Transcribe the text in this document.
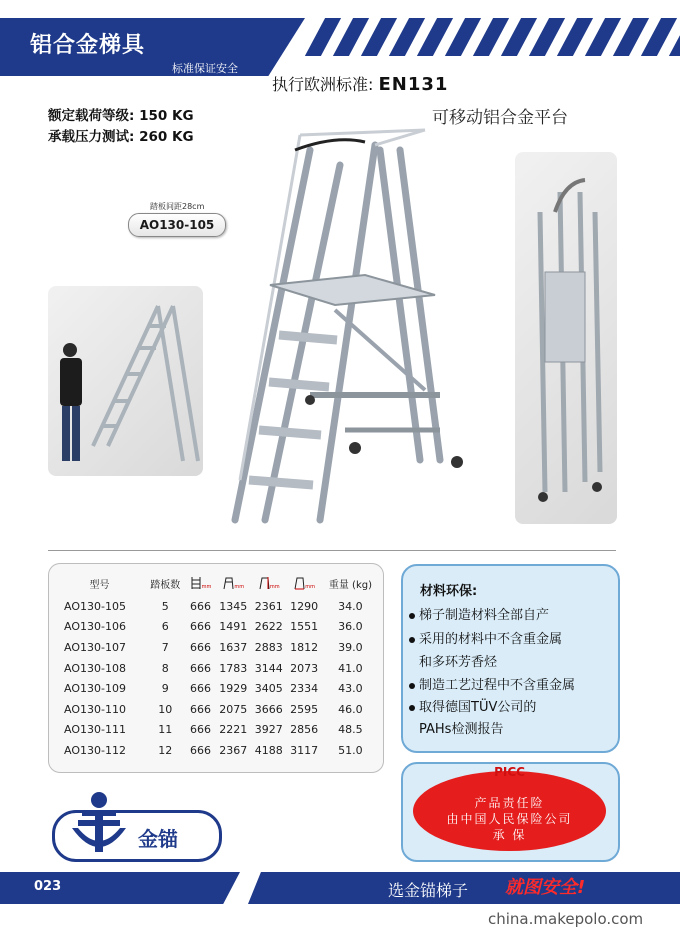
铝合金梯具
标准保证安全
执行欧洲标准: EN131
可移动铝合金平台
额定载荷等级: 150 KG
承载压力测试: 260 KG
踏板间距28cm
AO130-105
型号	踏板数	mm	mm	mm	mm	重量 (kg)
AO130-105	5	666	1345	2361	1290	34.0
AO130-106	6	666	1491	2622	1551	36.0
AO130-107	7	666	1637	2883	1812	39.0
AO130-108	8	666	1783	3144	2073	41.0
AO130-109	9	666	1929	3405	2334	43.0
AO130-110	10	666	2075	3666	2595	46.0
AO130-111	11	666	2221	3927	2856	48.5
AO130-112	12	666	2367	4188	3117	51.0
材料环保:
梯子制造材料全部自产
采用的材料中不含重金属
和多环芳香烃
制造工艺过程中不含重金属
取得德国TÜV公司的
PAHs检测报告
PICC
产品责任险
由中国人民保险公司
承 保
金锚
023	选金锚梯子 就图安全!
china.makepolo.com
